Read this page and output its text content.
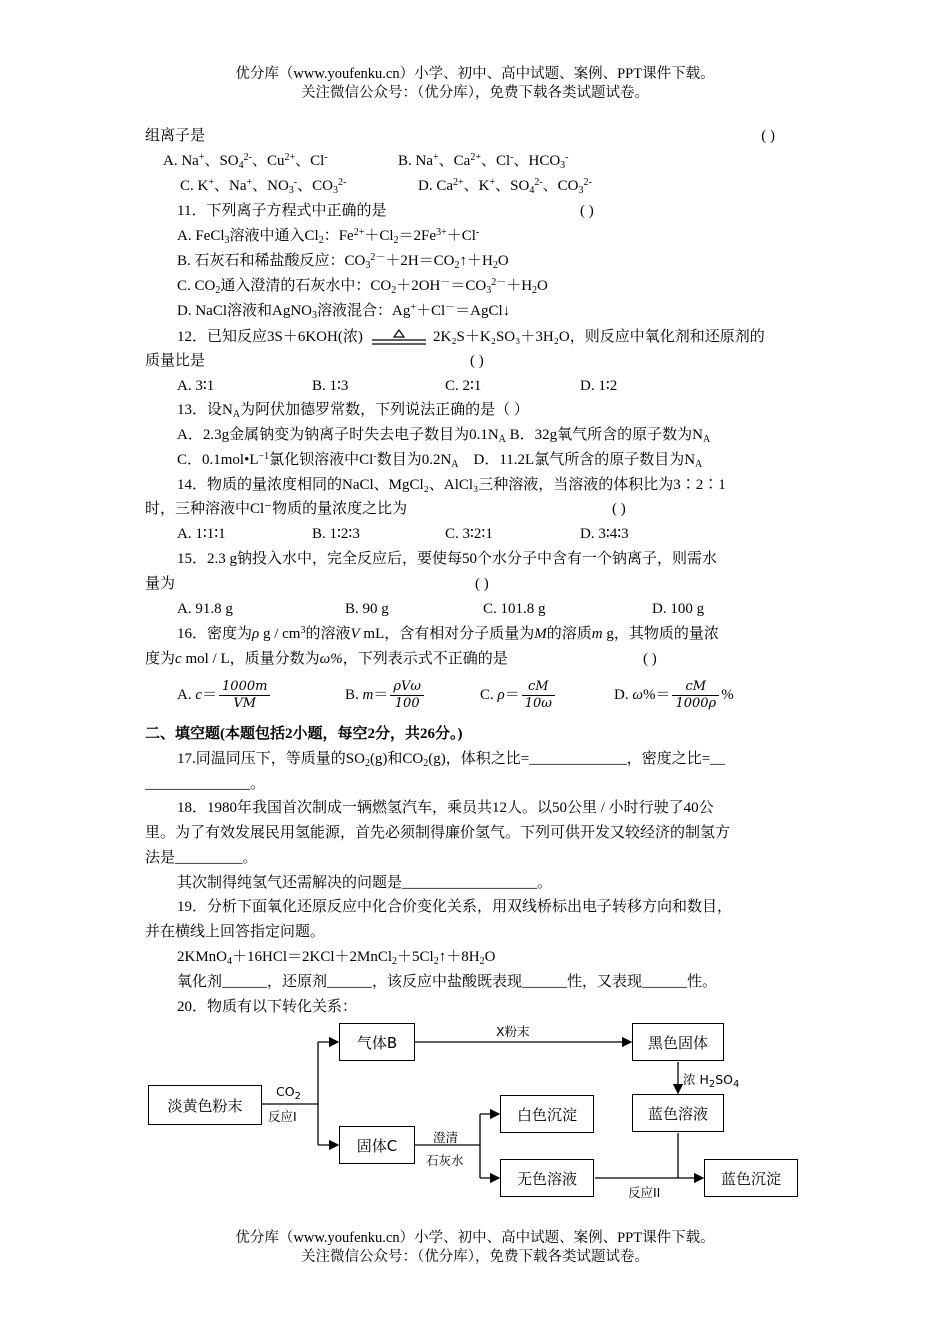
优分库（www.youfenku.cn）小学、初中、高中试题、案例、PPT课件下载。
关注微信公众号：（优分库），免费下载各类试题试卷。
组离子是	( )
A. Na+、$SO_4^{2-}$、$Cu^{2+}$、Cl-	B. Na+、$Ca^{2+}$、Cl-、$HCO_3^-$
C. K+、Na+、$NO_3^-$、$CO_3^{2-}$	D. $Ca^{2+}$、K+、$SO_4^{2-}$、$CO_3^{2-}$
11．下列离子方程式中正确的是	( )
A. FeCl$_3$溶液中通入$Cl_2$：$Fe^{2+}+Cl_2=2Fe^{3+}+Cl^-$
B. 石灰石和稀盐酸反应：$CO_3^{2-}+2H=CO_2↑+H_2O$
C. $CO_2$通入澄清的石灰水中：$CO_2+2OH^-=CO_3^{2-}+H_2O$
D. NaCl溶液和AgNO$_3$溶液混合：Ag+＋Cl－＝AgCl↓
12．已知反应3S＋6KOH(浓)	2K₂S＋K₂SO₃＋3H₂O，则反应中氧化剂和还原剂的
质量比是	( )
A. 3∶1	B. 1∶3	C. 2∶1	D. 1∶2
13．设$N_A$为阿伏加德罗常数，下列说法正确的是（ ）
A．2.3g金属钠变为钠离子时失去电子数目为$0.1N_A$ B．32g氧气所含的原子数为$N_A$
C．$0.1mol•L^{-1}$氯化钡溶液中Cl-数目为$0.2N_A$　D．11.2L氯气所含的原子数目为$N_A$
14．物质的量浓度相同的NaCl、MgCl₂、AlCl₃三种溶液，当溶液的体积比为3∶2∶1
时，三种溶液中Cl⁻物质的量浓度之比为	( )
A. 1∶1∶1	B. 1∶2∶3	C. 3∶2∶1	D. 3∶4∶3
15．2.3 g钠投入水中，完全反应后，要使每50个水分子中含有一个钠离子，则需水
量为	( )
A. 91.8 g	B. 90 g	C. 101.8 g	D. 100 g
16．密度为ρ g / $cm^3$的溶液V mL，含有相对分子质量为M的溶质m g，其物质的量浓
度为c mol / L，质量分数为ω%，下列表示式不正确的是	( )
A. $c= \frac{1000m}{VM}$	B. $m= \frac{\text{ρVω}}{100}$	C. $\rho= \frac{cM}{10\omega}$	D. $\omega\%= \frac{cM}{1000\rho}$ %
二、填空题(本题包括2小题，每空2分，共26分。)
17.同温同压下，等质量的$SO_2(g)$和$CO_2(g)$，体积之比=_____________，密度之比=__
______________。
18．1980年我国首次制成一辆燃氢汽车，乘员共12人。以50公里 / 小时行驶了40公
里。为了有效发展民用氢能源，首先必须制得廉价氢气。下列可供开发又较经济的制氢方
法是_________。
其次制得纯氢气还需解决的问题是__________________。
19．分析下面氧化还原反应中化合价变化关系，用双线桥标出电子转移方向和数目，
并在横线上回答指定问题。
$2KMnO_4+16HCl=2KCl+2MnCl_2+5Cl_2↑+8H_2O$
氧化剂______，还原剂______，该反应中盐酸既表现______性，又表现______性。
20．物质有以下转化关系：
淡黄色粉末
气体B
固体C
黑色固体
蓝色溶液
白色沉淀
无色溶液	蓝色沉淀
$CO_2$
反应I
X粉末
浓 $H_2SO_4$
澄清
石灰水
反应II
优分库（www.youfenku.cn）小学、初中、高中试题、案例、PPT课件下载。
关注微信公众号：（优分库），免费下载各类试题试卷。
